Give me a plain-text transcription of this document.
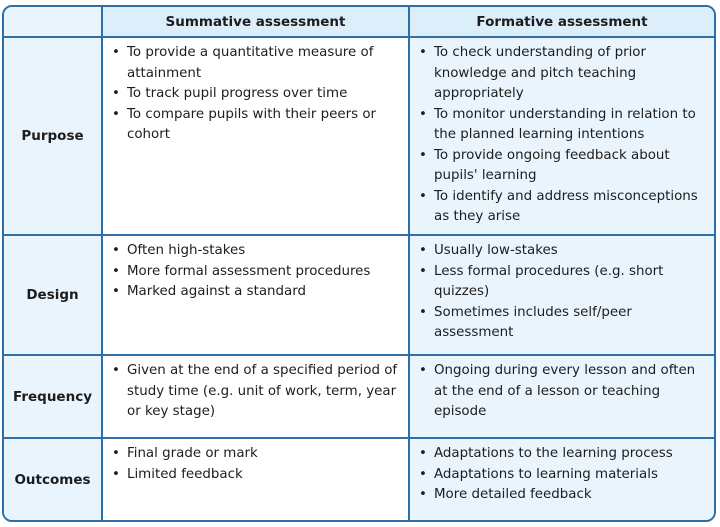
Summative assessment	Formative assessment
Purpose
• To provide a quantitative measure of attainment
• To track pupil progress over time
• To compare pupils with their peers or cohort
• To check understanding of prior knowledge and pitch teaching appropriately
• To monitor understanding in relation to the planned learning intentions
• To provide ongoing feedback about pupils' learning
• To identify and address misconceptions as they arise
Design
• Often high-stakes
• More formal assessment procedures
• Marked against a standard
• Usually low-stakes
• Less formal procedures (e.g. short quizzes)
• Sometimes includes self/peer assessment
Frequency
• Given at the end of a specified period of study time (e.g. unit of work, term, year or key stage)
• Ongoing during every lesson and often at the end of a lesson or teaching episode
Outcomes
• Final grade or mark
• Limited feedback
• Adaptations to the learning process
• Adaptations to learning materials
• More detailed feedback
